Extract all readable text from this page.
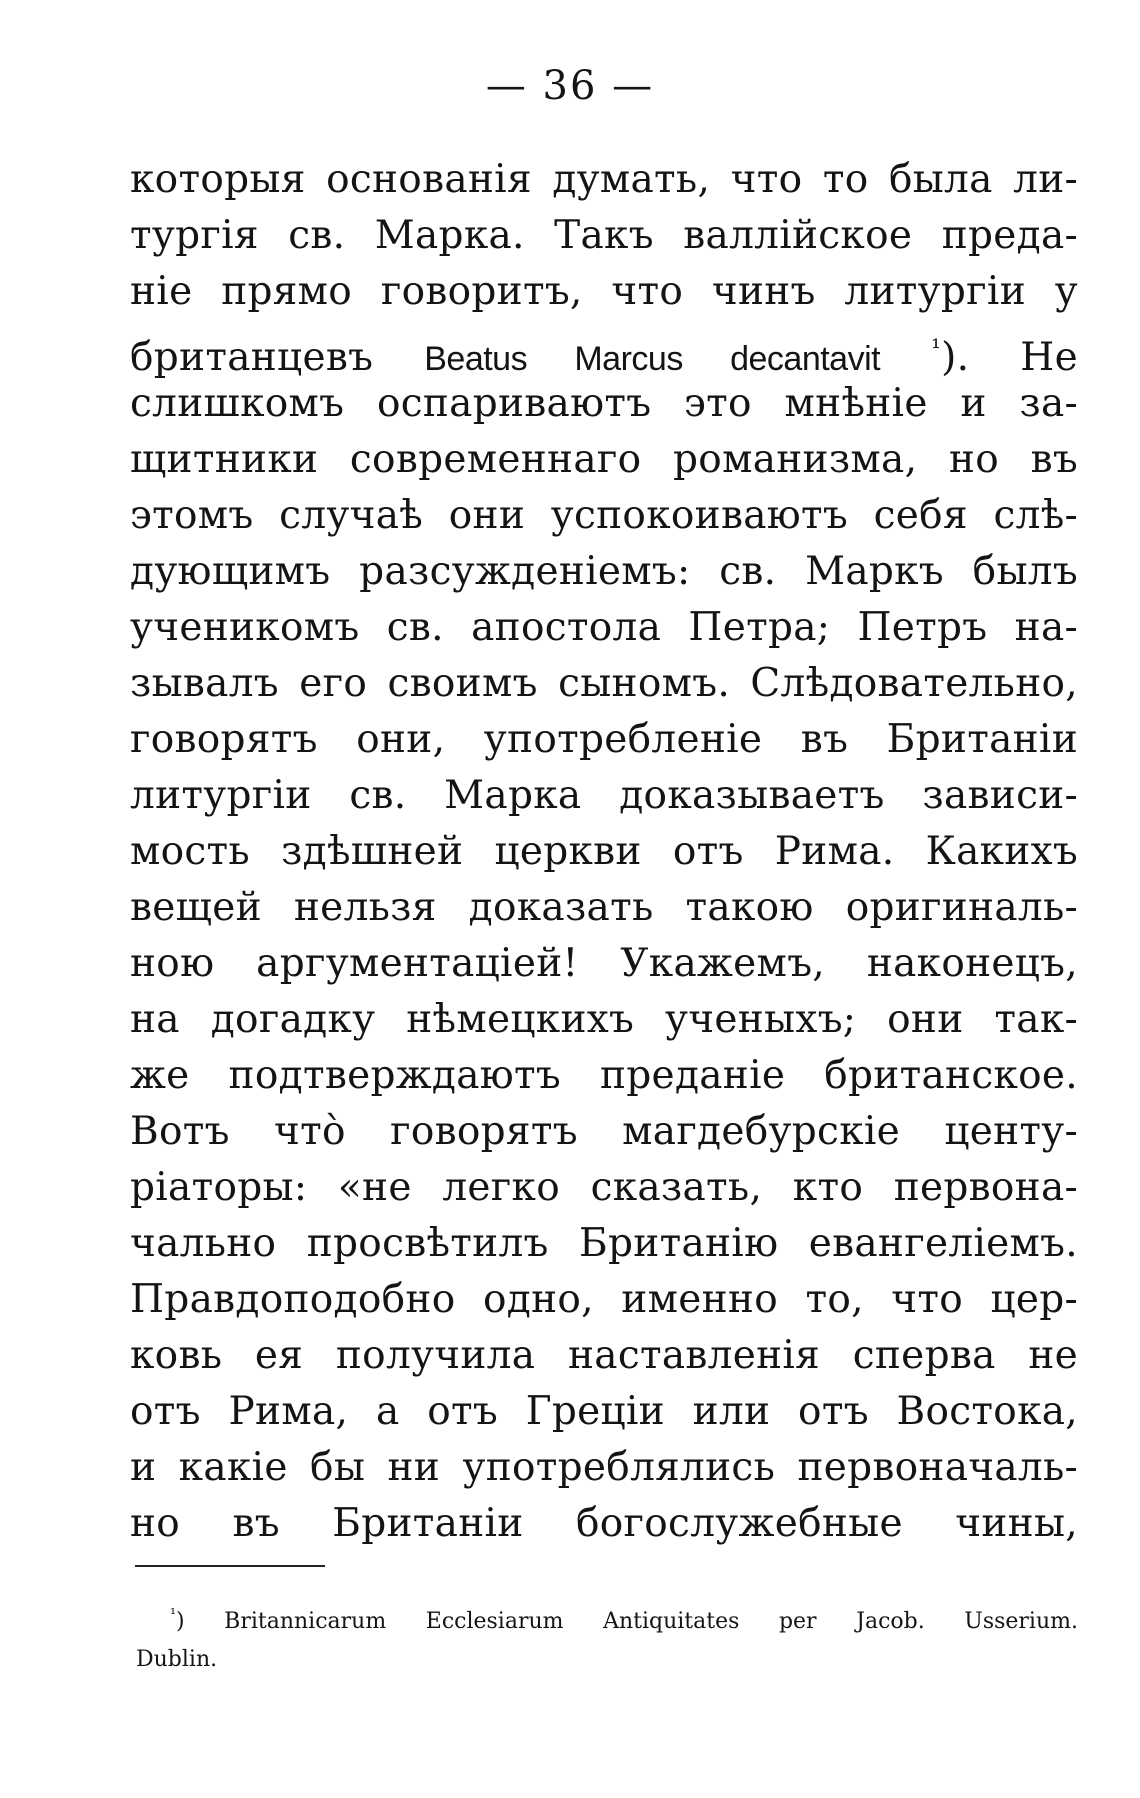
— 36 —
которыя основанія думать, что то была ли-
тургія св. Марка. Такъ валлійское преда-
ніе прямо говоритъ, что чинъ литургіи у
британцевъ Beatus Marcus decantavit $^{^1}$). Не
слишкомъ оспариваютъ это мнѣніе и за-
щитники современнаго романизма, но въ
этомъ случаѣ они успокоиваютъ себя слѣ-
дующимъ разсужденіемъ: св. Маркъ былъ
ученикомъ св. апостола Петра; Петръ на-
зывалъ его своимъ сыномъ. Слѣдовательно,
говорятъ они, употребленіе въ Британіи
литургіи св. Марка доказываетъ зависи-
мость здѣшней церкви отъ Рима. Какихъ
вещей нельзя доказать такою оригиналь-
ною аргументаціей! Укажемъ, наконецъ,
на догадку нѣмецкихъ ученыхъ; они так-
же подтверждаютъ преданіе британское.
Вотъ что̀ говорятъ магдебурскіе центу-
ріаторы: «не легко сказать, кто первона-
чально просвѣтилъ Британію евангеліемъ.
Правдоподобно одно, именно то, что цер-
ковь ея получила наставленія сперва не
отъ Рима, а отъ Греціи или отъ Востока,
и какіе бы ни употреблялись первоначаль-
но въ Британіи богослужебные чины,
$^{^1}$) Britannicarum Ecclesiarum Antiquitates per Jacob. Usserium.
Dublin.
